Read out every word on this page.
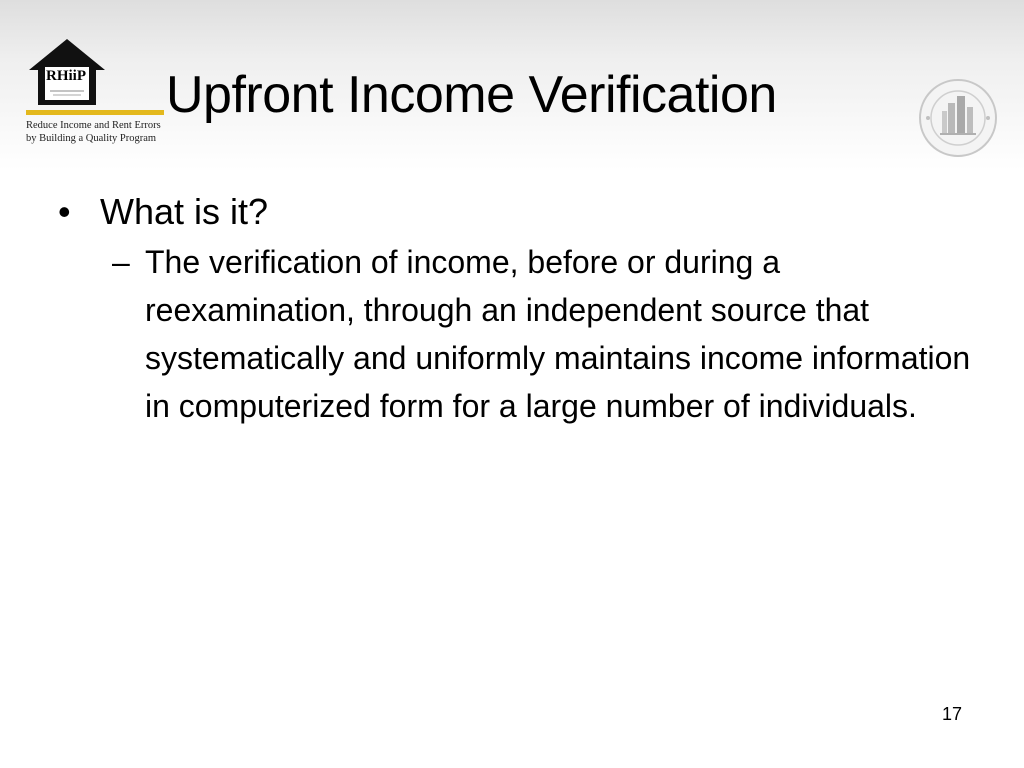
RHiiP
Reduce Income and Rent Errors by Building a Quality Program
Upfront Income Verification
• What is it?
– The verification of income, before or during a reexamination, through an independent source that systematically and uniformly maintains income information in computerized form for a large number of individuals.
17
